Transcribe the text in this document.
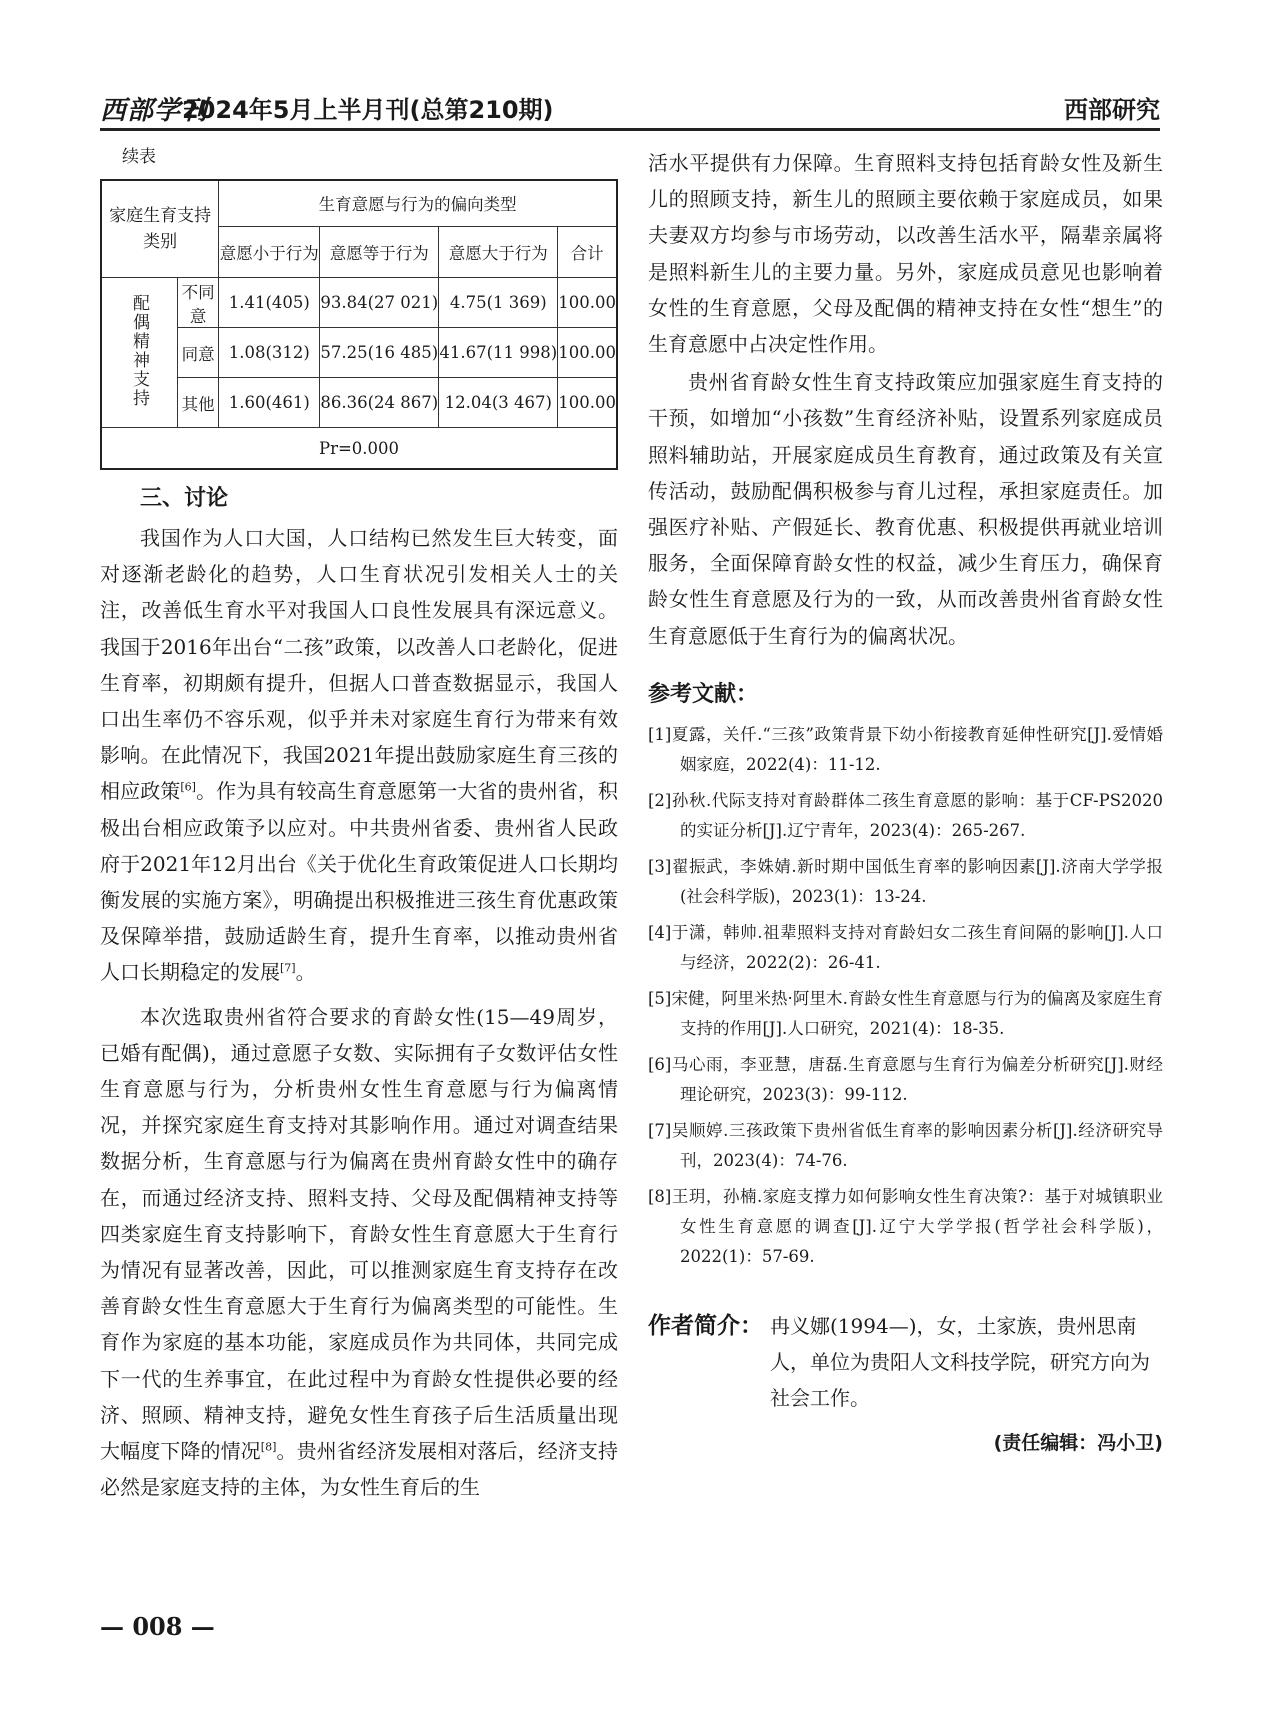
西部学刊
2024年5月上半月刊(总第210期)	西部研究
续表
家庭生育支持类别		生育意愿与行为的偏向类型			
		意愿小于行为	意愿等于行为	意愿大于行为	合计
配偶精神支持	不同意	1.41(405)	93.84(27 021)	4.75(1 369)	100.00
	同意	1.08(312)	57.25(16 485)	41.67(11 998)	100.00
	其他	1.60(461)	86.36(24 867)	12.04(3 467)	100.00
Pr=0.000					
三、讨论

我国作为人口大国，人口结构已然发生巨大转变，面对逐渐老龄化的趋势，人口生育状况引发相关人士的关注，改善低生育水平对我国人口良性发展具有深远意义。我国于2016年出台“二孩”政策，以改善人口老龄化，促进生育率，初期颇有提升，但据人口普查数据显示，我国人口出生率仍不容乐观，似乎并未对家庭生育行为带来有效影响。在此情况下，我国2021年提出鼓励家庭生育三孩的相应政策[6]。作为具有较高生育意愿第一大省的贵州省，积极出台相应政策予以应对。中共贵州省委、贵州省人民政府于2021年12月出台《关于优化生育政策促进人口长期均衡发展的实施方案》，明确提出积极推进三孩生育优惠政策及保障举措，鼓励适龄生育，提升生育率，以推动贵州省人口长期稳定的发展[7]。

本次选取贵州省符合要求的育龄女性(15—49周岁，已婚有配偶)，通过意愿子女数、实际拥有子女数评估女性生育意愿与行为，分析贵州女性生育意愿与行为偏离情况，并探究家庭生育支持对其影响作用。通过对调查结果数据分析，生育意愿与行为偏离在贵州育龄女性中的确存在，而通过经济支持、照料支持、父母及配偶精神支持等四类家庭生育支持影响下，育龄女性生育意愿大于生育行为情况有显著改善，因此，可以推测家庭生育支持存在改善育龄女性生育意愿大于生育行为偏离类型的可能性。生育作为家庭的基本功能，家庭成员作为共同体，共同完成下一代的生养事宜，在此过程中为育龄女性提供必要的经济、照顾、精神支持，避免女性生育孩子后生活质量出现大幅度下降的情况[8]。贵州省经济发展相对落后，经济支持必然是家庭支持的主体，为女性生育后的生

活水平提供有力保障。生育照料支持包括育龄女性及新生儿的照顾支持，新生儿的照顾主要依赖于家庭成员，如果夫妻双方均参与市场劳动，以改善生活水平，隔辈亲属将是照料新生儿的主要力量。另外，家庭成员意见也影响着女性的生育意愿，父母及配偶的精神支持在女性“想生”的生育意愿中占决定性作用。

贵州省育龄女性生育支持政策应加强家庭生育支持的干预，如增加“小孩数”生育经济补贴，设置系列家庭成员照料辅助站，开展家庭成员生育教育，通过政策及有关宣传活动，鼓励配偶积极参与育儿过程，承担家庭责任。加强医疗补贴、产假延长、教育优惠、积极提供再就业培训服务，全面保障育龄女性的权益，减少生育压力，确保育龄女性生育意愿及行为的一致，从而改善贵州省育龄女性生育意愿低于生育行为的偏离状况。

参考文献：
[1]夏露，关仟.“三孩”政策背景下幼小衔接教育延伸性研究[J].爱情婚姻家庭，2022(4)：11-12.
[2]孙秋.代际支持对育龄群体二孩生育意愿的影响：基于CF-PS2020的实证分析[J].辽宁青年，2023(4)：265-267.
[3]翟振武，李姝婧.新时期中国低生育率的影响因素[J].济南大学学报(社会科学版)，2023(1)：13-24.
[4]于潇，韩帅.祖辈照料支持对育龄妇女二孩生育间隔的影响[J].人口与经济，2022(2)：26-41.
[5]宋健，阿里米热·阿里木.育龄女性生育意愿与行为的偏离及家庭生育支持的作用[J].人口研究，2021(4)：18-35.
[6]马心雨，李亚慧，唐磊.生育意愿与生育行为偏差分析研究[J].财经理论研究，2023(3)：99-112.
[7]吴顺婷.三孩政策下贵州省低生育率的影响因素分析[J].经济研究导刊，2023(4)：74-76.
[8]王玥，孙楠.家庭支撑力如何影响女性生育决策?：基于对城镇职业女性生育意愿的调查[J].辽宁大学学报(哲学社会科学版)，2022(1)：57-69.
作者简介： 冉义娜(1994—)，女，土家族，贵州思南人，单位为贵阳人文科技学院，研究方向为社会工作。
(责任编辑：冯小卫)
— 008 —
